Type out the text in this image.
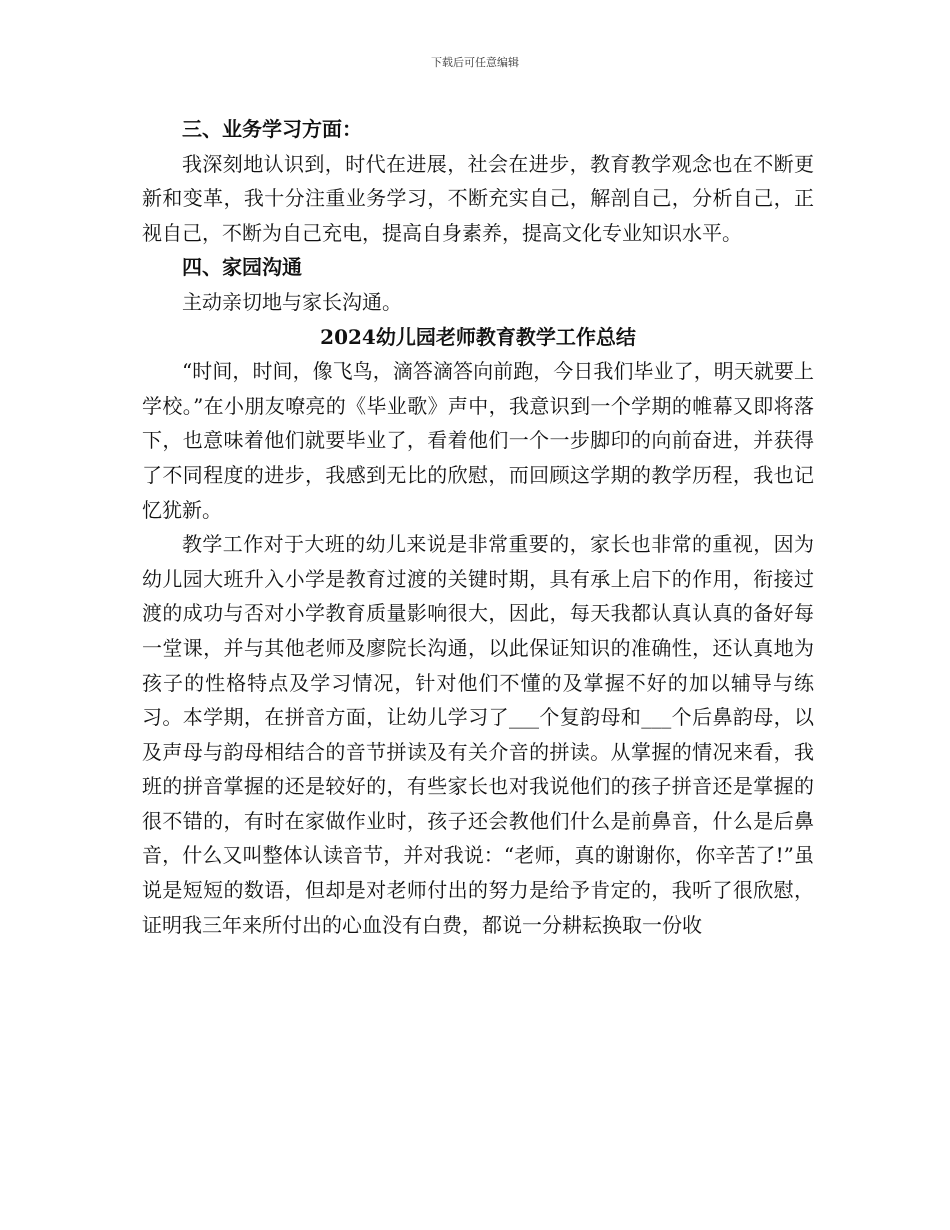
下载后可任意编辑

三、业务学习方面：

我深刻地认识到，时代在进展，社会在进步，教育教学观念也在不断更新和变革，我十分注重业务学习，不断充实自己，解剖自己，分析自己，正视自己，不断为自己充电，提高自身素养，提高文化专业知识水平。

四、家园沟通

主动亲切地与家长沟通。

2024幼儿园老师教育教学工作总结

“时间，时间，像飞鸟，滴答滴答向前跑，今日我们毕业了，明天就要上学校。”在小朋友嘹亮的《毕业歌》声中，我意识到一个学期的帷幕又即将落下，也意味着他们就要毕业了，看着他们一个一步脚印的向前奋进，并获得了不同程度的进步，我感到无比的欣慰，而回顾这学期的教学历程，我也记忆犹新。

教学工作对于大班的幼儿来说是非常重要的，家长也非常的重视，因为幼儿园大班升入小学是教育过渡的关键时期，具有承上启下的作用，衔接过渡的成功与否对小学教育质量影响很大，因此，每天我都认真认真的备好每一堂课，并与其他老师及廖院长沟通，以此保证知识的准确性，还认真地为孩子的性格特点及学习情况，针对他们不懂的及掌握不好的加以辅导与练习。本学期，在拼音方面，让幼儿学习了___个复韵母和___个后鼻韵母，以及声母与韵母相结合的音节拼读及有关介音的拼读。从掌握的情况来看，我班的拼音掌握的还是较好的，有些家长也对我说他们的孩子拼音还是掌握的很不错的，有时在家做作业时，孩子还会教他们什么是前鼻音，什么是后鼻音，什么又叫整体认读音节，并对我说：“老师，真的谢谢你，你辛苦了!”虽说是短短的数语，但却是对老师付出的努力是给予肯定的，我听了很欣慰，证明我三年来所付出的心血没有白费，都说一分耕耘换取一份收
